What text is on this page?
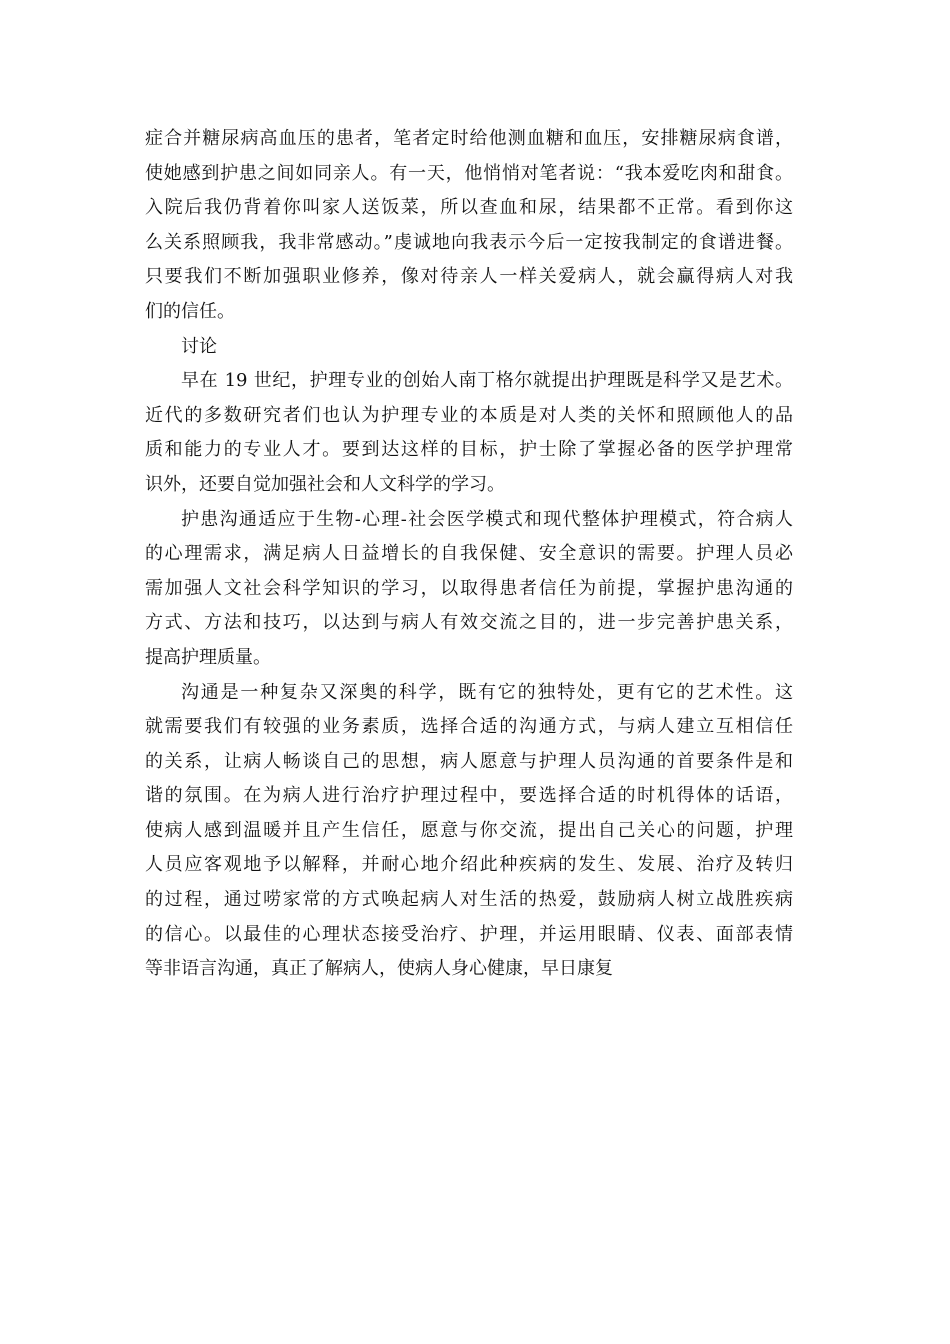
症合并糖尿病高血压的患者，笔者定时给他测血糖和血压，安排糖尿病食谱，
使她感到护患之间如同亲人。有一天，他悄悄对笔者说：“我本爱吃肉和甜食。
入院后我仍背着你叫家人送饭菜，所以查血和尿，结果都不正常。看到你这
么关系照顾我，我非常感动。”虔诚地向我表示今后一定按我制定的食谱进餐。
只要我们不断加强职业修养，像对待亲人一样关爱病人，就会赢得病人对我
们的信任。
讨论
早在 19 世纪，护理专业的创始人南丁格尔就提出护理既是科学又是艺术。
近代的多数研究者们也认为护理专业的本质是对人类的关怀和照顾他人的品
质和能力的专业人才。要到达这样的目标，护士除了掌握必备的医学护理常
识外，还要自觉加强社会和人文科学的学习。
护患沟通适应于生物-心理-社会医学模式和现代整体护理模式，符合病人
的心理需求，满足病人日益增长的自我保健、安全意识的需要。护理人员必
需加强人文社会科学知识的学习，以取得患者信任为前提，掌握护患沟通的
方式、方法和技巧，以达到与病人有效交流之目的，进一步完善护患关系，
提高护理质量。
沟通是一种复杂又深奥的科学，既有它的独特处，更有它的艺术性。这
就需要我们有较强的业务素质，选择合适的沟通方式，与病人建立互相信任
的关系，让病人畅谈自己的思想，病人愿意与护理人员沟通的首要条件是和
谐的氛围。在为病人进行治疗护理过程中，要选择合适的时机得体的话语，
使病人感到温暖并且产生信任，愿意与你交流，提出自己关心的问题，护理
人员应客观地予以解释，并耐心地介绍此种疾病的发生、发展、治疗及转归
的过程，通过唠家常的方式唤起病人对生活的热爱，鼓励病人树立战胜疾病
的信心。以最佳的心理状态接受治疗、护理，并运用眼睛、仪表、面部表情
等非语言沟通，真正了解病人，使病人身心健康，早日康复
